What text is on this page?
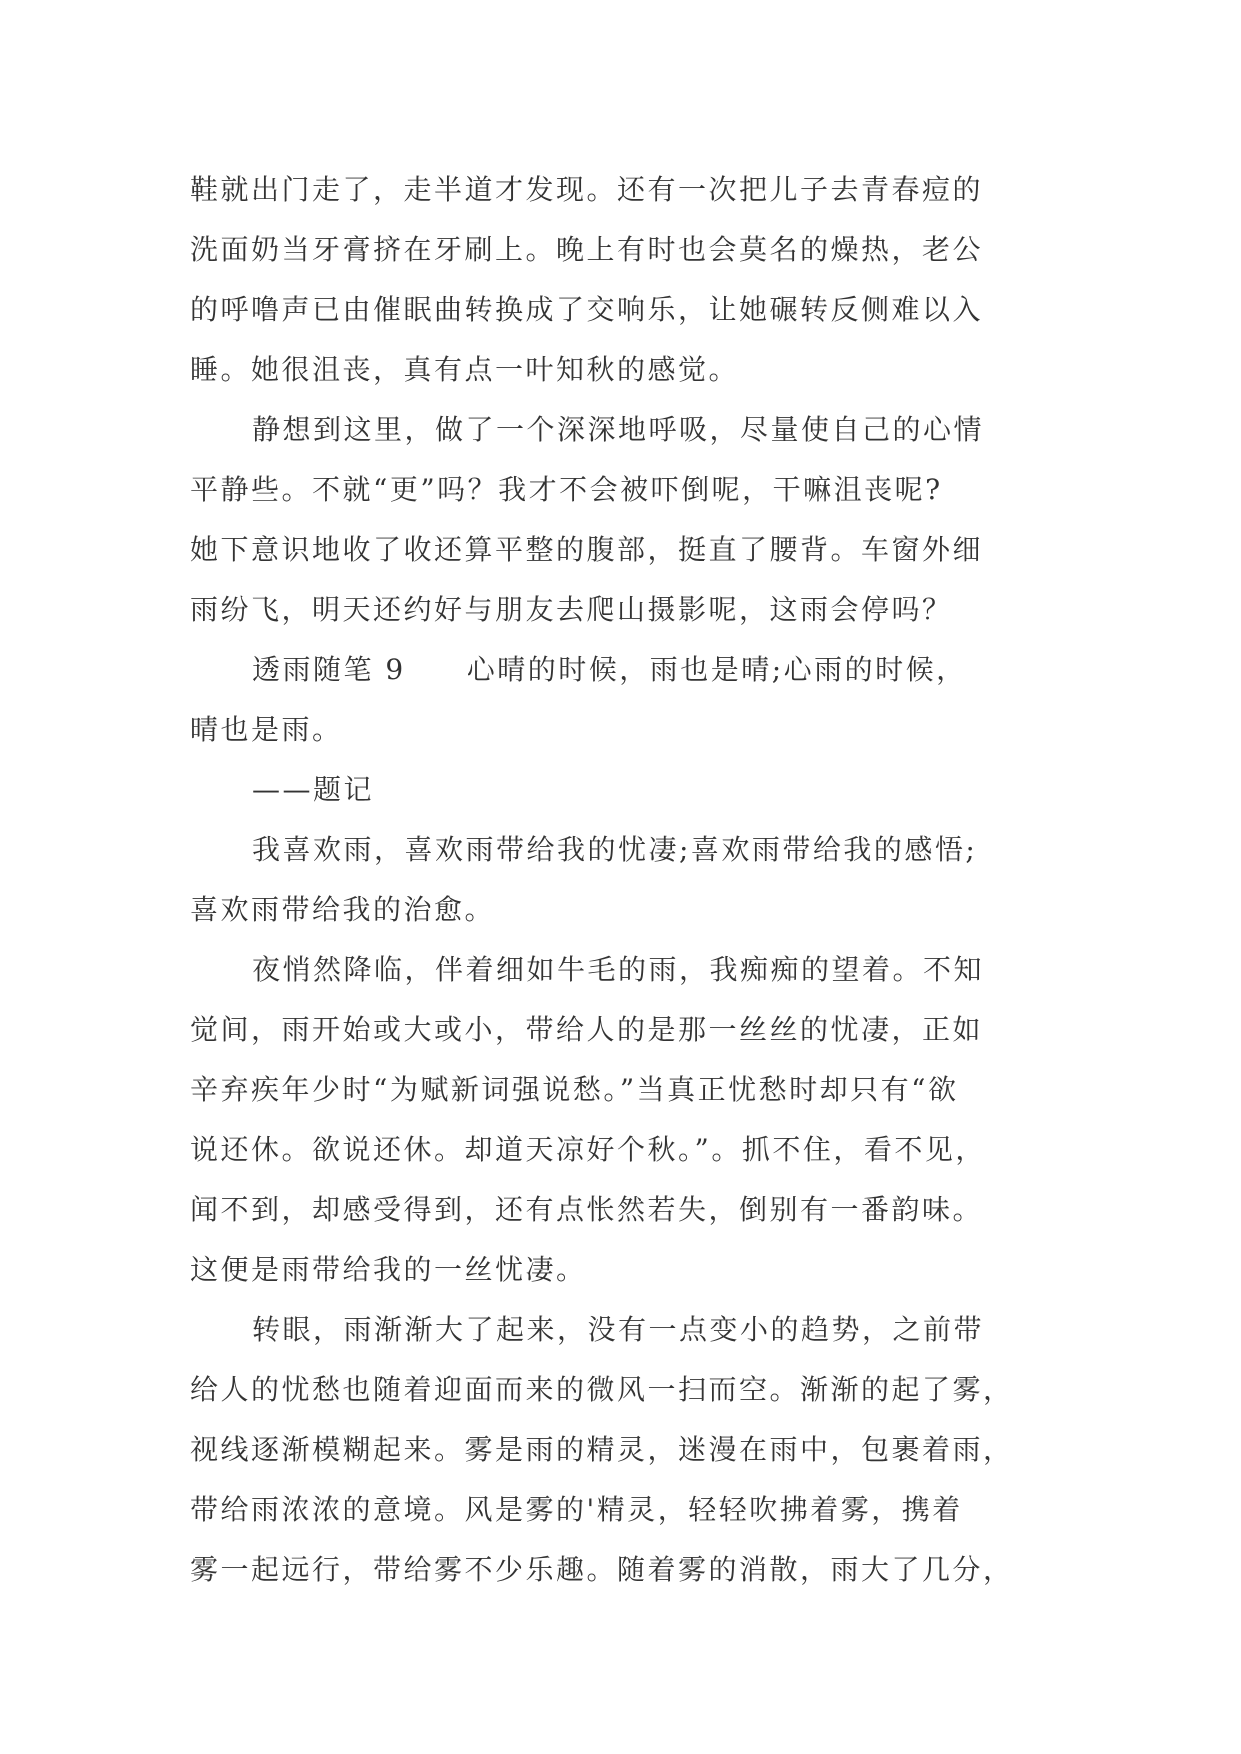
鞋就出门走了，走半道才发现。还有一次把儿子去青春痘的
洗面奶当牙膏挤在牙刷上。晚上有时也会莫名的燥热，老公
的呼噜声已由催眠曲转换成了交响乐，让她碾转反侧难以入
睡。她很沮丧，真有点一叶知秋的感觉。
静想到这里，做了一个深深地呼吸，尽量使自己的心情
平静些。不就“更”吗？我才不会被吓倒呢，干嘛沮丧呢?
她下意识地收了收还算平整的腹部，挺直了腰背。车窗外细
雨纷飞，明天还约好与朋友去爬山摄影呢，这雨会停吗？
透雨随笔 9　　心晴的时候，雨也是晴;心雨的时候，
晴也是雨。
——题记
我喜欢雨，喜欢雨带给我的忧凄;喜欢雨带给我的感悟;
喜欢雨带给我的治愈。
夜悄然降临，伴着细如牛毛的雨，我痴痴的望着。不知
觉间，雨开始或大或小，带给人的是那一丝丝的忧凄，正如
辛弃疾年少时“为赋新词强说愁。”当真正忧愁时却只有“欲
说还休。欲说还休。却道天凉好个秋。”。抓不住，看不见，
闻不到，却感受得到，还有点怅然若失，倒别有一番韵味。
这便是雨带给我的一丝忧凄。
转眼，雨渐渐大了起来，没有一点变小的趋势，之前带
给人的忧愁也随着迎面而来的微风一扫而空。渐渐的起了雾，
视线逐渐模糊起来。雾是雨的精灵，迷漫在雨中，包裹着雨，
带给雨浓浓的意境。风是雾的'精灵，轻轻吹拂着雾，携着
雾一起远行，带给雾不少乐趣。随着雾的消散，雨大了几分，
